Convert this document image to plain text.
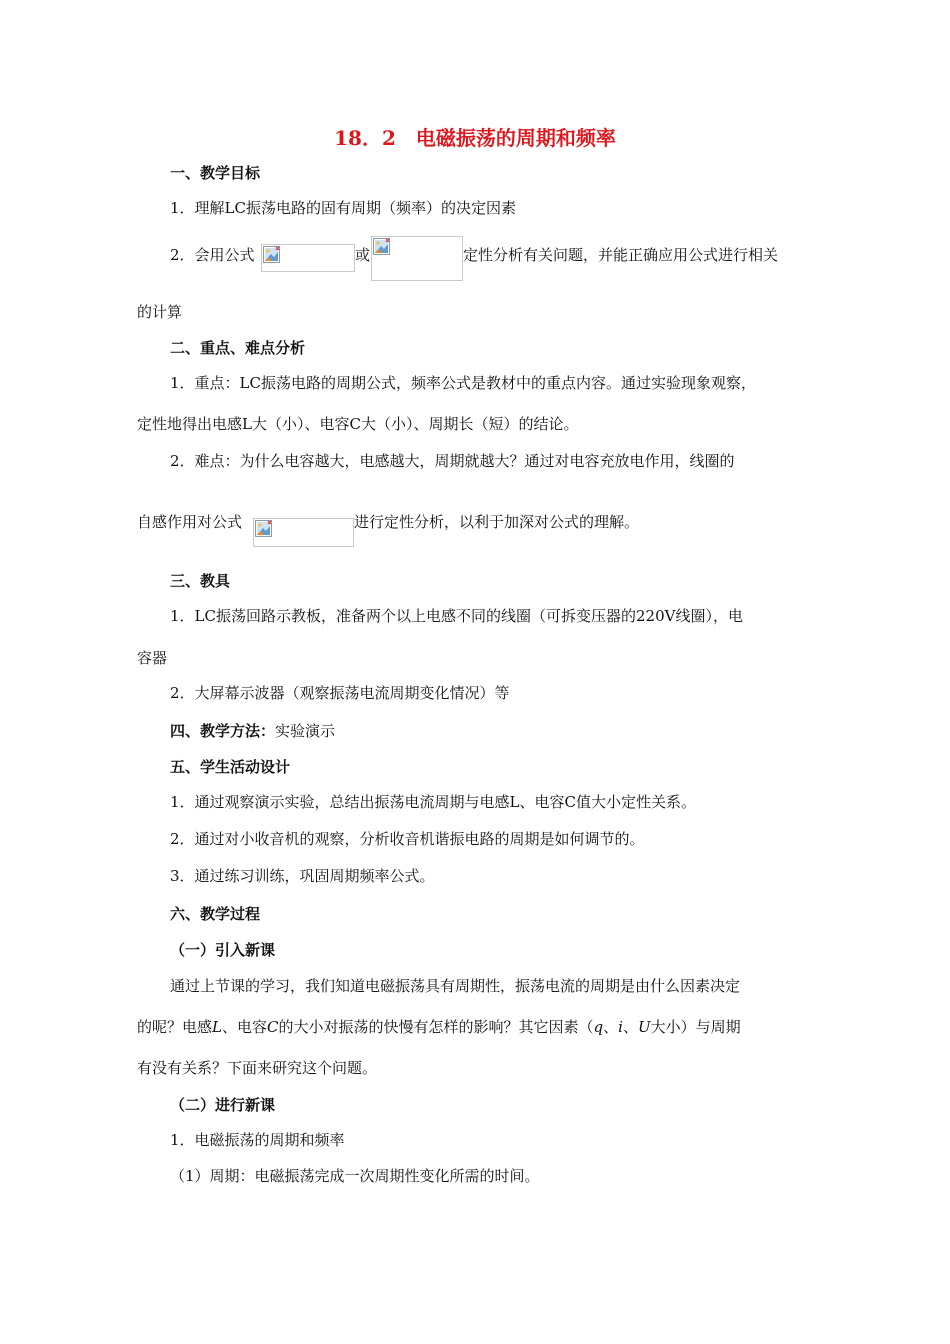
18．2　电磁振荡的周期和频率
一、教学目标
1．理解LC振荡电路的固有周期（频率）的决定因素
2．会用公式	或	定性分析有关问题，并能正确应用公式进行相关
的计算
二、重点、难点分析
1．重点：LC振荡电路的周期公式，频率公式是教材中的重点内容。通过实验现象观察，
定性地得出电感L大（小）、电容C大（小）、周期长（短）的结论。
2．难点：为什么电容越大，电感越大，周期就越大？通过对电容充放电作用，线圈的
自感作用对公式	进行定性分析，以利于加深对公式的理解。
三、教具
1．LC振荡回路示教板，准备两个以上电感不同的线圈（可拆变压器的220V线圈），电
容器
2．大屏幕示波器（观察振荡电流周期变化情况）等
四、教学方法：实验演示
五、学生活动设计
1．通过观察演示实验，总结出振荡电流周期与电感L、电容C值大小定性关系。
2．通过对小收音机的观察，分析收音机谐振电路的周期是如何调节的。
3．通过练习训练，巩固周期频率公式。
六、教学过程
（一）引入新课
通过上节课的学习，我们知道电磁振荡具有周期性，振荡电流的周期是由什么因素决定
的呢？电感L、电容C的大小对振荡的快慢有怎样的影响？其它因素（q、i、U大小）与周期
有没有关系？下面来研究这个问题。
（二）进行新课
1．电磁振荡的周期和频率
（1）周期：电磁振荡完成一次周期性变化所需的时间。
